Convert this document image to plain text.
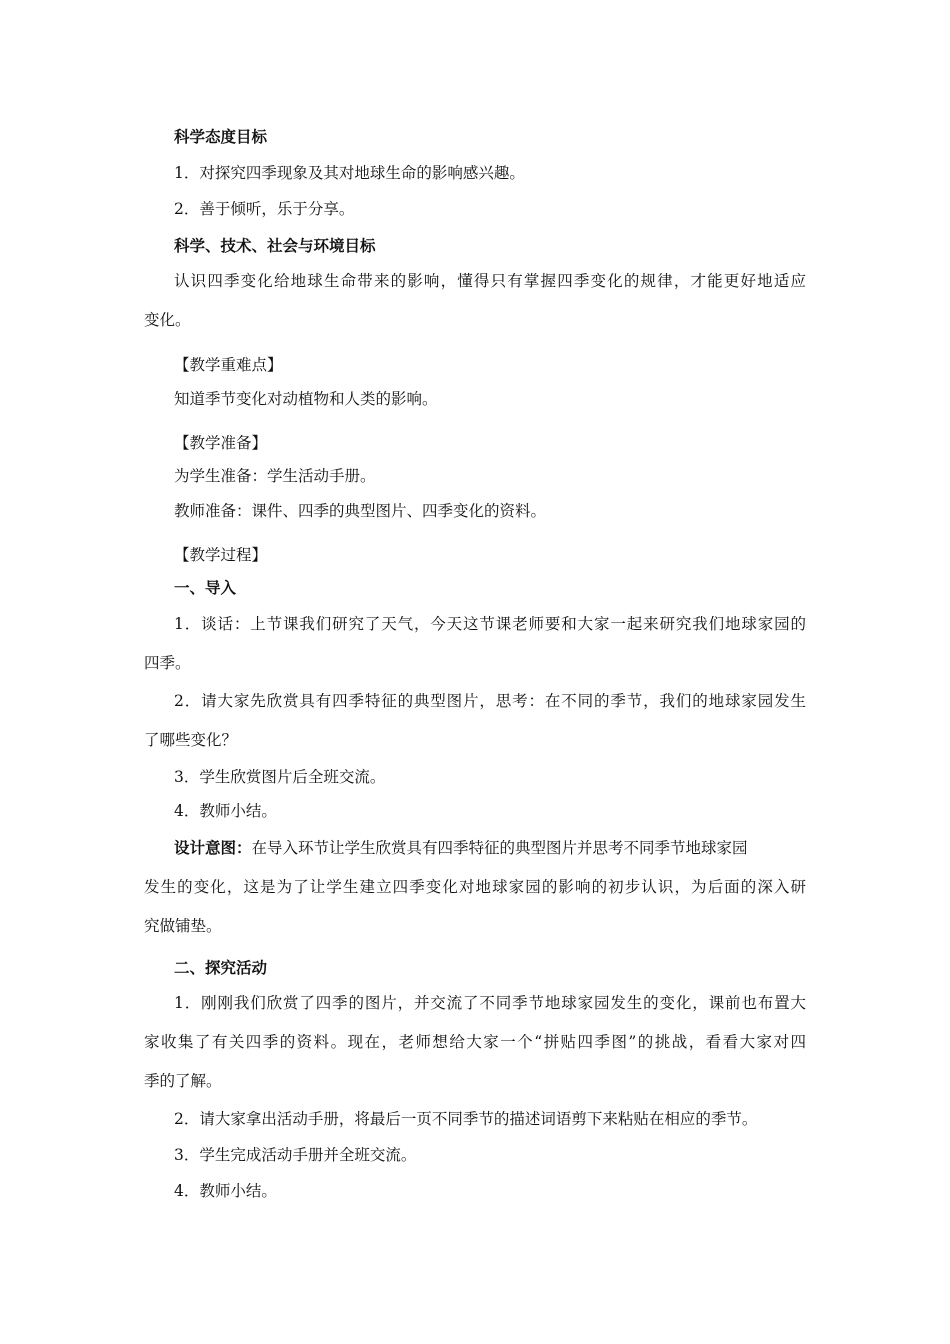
科学态度目标
1．对探究四季现象及其对地球生命的影响感兴趣。
2．善于倾听，乐于分享。
科学、技术、社会与环境目标
认识四季变化给地球生命带来的影响，懂得只有掌握四季变化的规律，才能更好地适应
变化。
【教学重难点】
知道季节变化对动植物和人类的影响。
【教学准备】
为学生准备：学生活动手册。
教师准备：课件、四季的典型图片、四季变化的资料。
【教学过程】
一、导入
1．谈话：上节课我们研究了天气，今天这节课老师要和大家一起来研究我们地球家园的
四季。
2．请大家先欣赏具有四季特征的典型图片，思考：在不同的季节，我们的地球家园发生
了哪些变化？
3．学生欣赏图片后全班交流。
4．教师小结。
设计意图：在导入环节让学生欣赏具有四季特征的典型图片并思考不同季节地球家园
发生的变化，这是为了让学生建立四季变化对地球家园的影响的初步认识，为后面的深入研
究做铺垫。
二、探究活动
1．刚刚我们欣赏了四季的图片，并交流了不同季节地球家园发生的变化，课前也布置大
家收集了有关四季的资料。现在，老师想给大家一个“拼贴四季图”的挑战，看看大家对四
季的了解。
2．请大家拿出活动手册，将最后一页不同季节的描述词语剪下来粘贴在相应的季节。
3．学生完成活动手册并全班交流。
4．教师小结。
